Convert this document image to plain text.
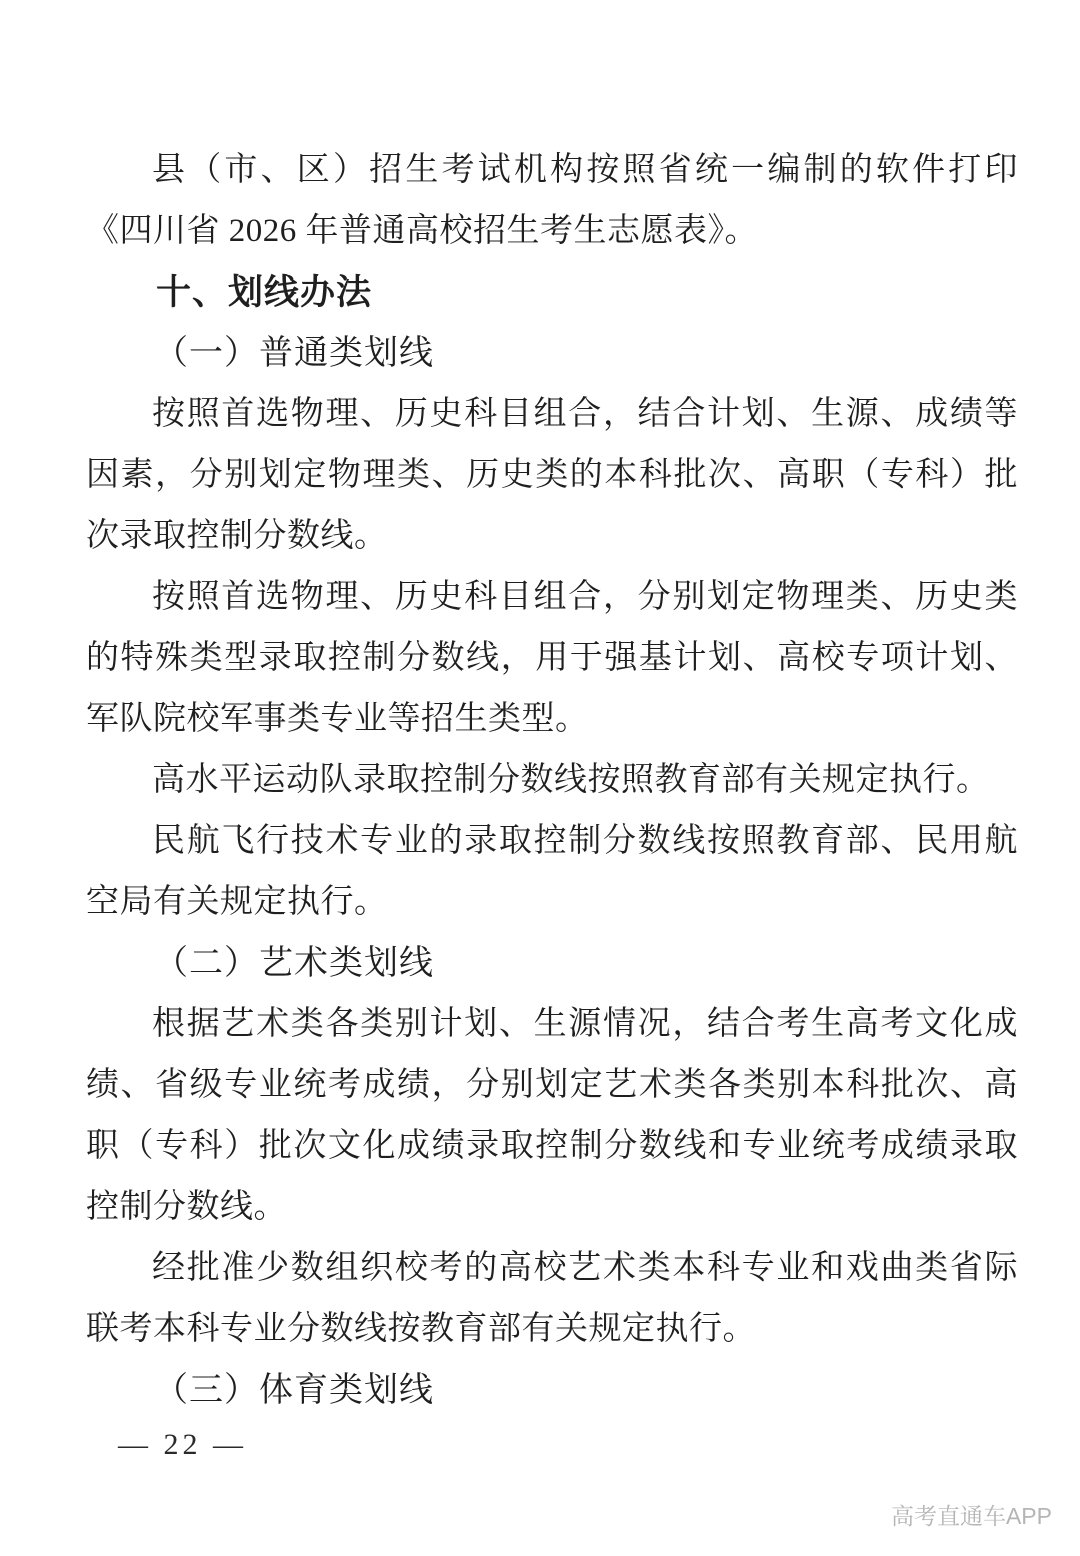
县（市、区）招生考试机构按照省统一编制的软件打印《四川省 2026 年普通高校招生考生志愿表》。

十、划线办法

（一）普通类划线

按照首选物理、历史科目组合，结合计划、生源、成绩等因素，分别划定物理类、历史类的本科批次、高职（专科）批次录取控制分数线。

按照首选物理、历史科目组合，分别划定物理类、历史类的特殊类型录取控制分数线，用于强基计划、高校专项计划、军队院校军事类专业等招生类型。

高水平运动队录取控制分数线按照教育部有关规定执行。

民航飞行技术专业的录取控制分数线按照教育部、民用航空局有关规定执行。

（二）艺术类划线

根据艺术类各类别计划、生源情况，结合考生高考文化成绩、省级专业统考成绩，分别划定艺术类各类别本科批次、高职（专科）批次文化成绩录取控制分数线和专业统考成绩录取控制分数线。

经批准少数组织校考的高校艺术类本科专业和戏曲类省际联考本科专业分数线按教育部有关规定执行。

（三）体育类划线

— 22 —
高考直通车APP
